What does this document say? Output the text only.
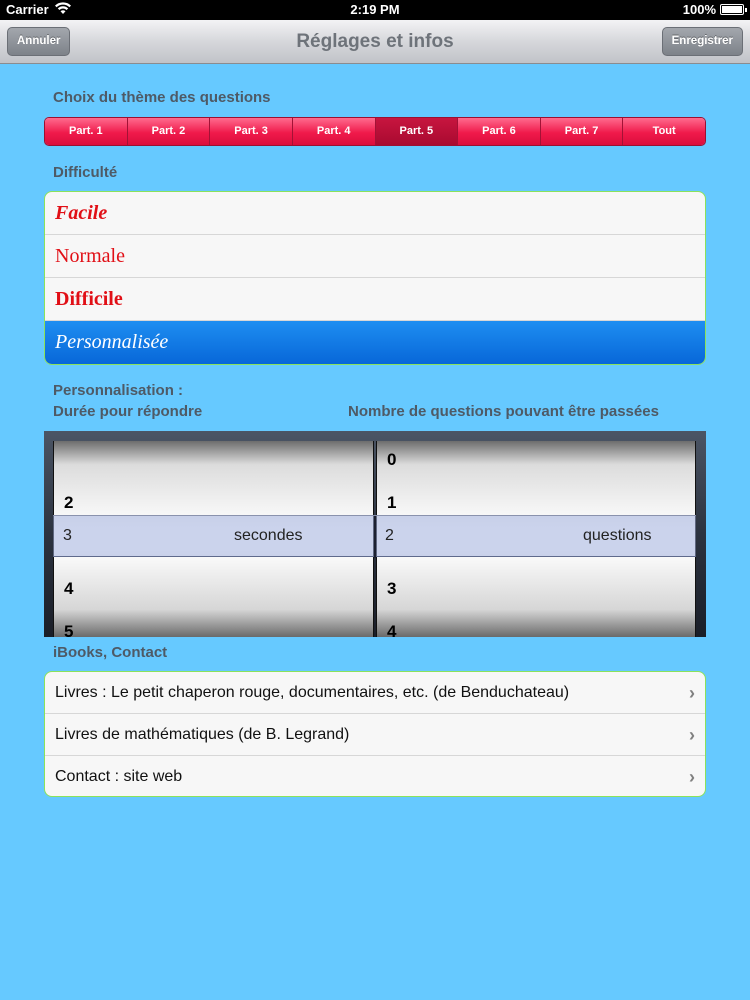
Carrier	2:19 PM	100%
Annuler	Réglages et infos	Enregistrer
Choix du thème des questions
Part. 1	Part. 2	Part. 3	Part. 4	Part. 5	Part. 6	Part. 7	Tout
Difficulté
Facile
Normale
Difficile
Personnalisée
Personnalisation :
Durée pour répondre	Nombre de questions pouvant être passées
2
4
5
0
1
3
4
3	secondes	2	questions
iBooks, Contact
Livres : Le petit chaperon rouge, documentaires, etc. (de Benduchateau)	›
Livres de mathématiques (de B. Legrand)	›
Contact : site web	›
